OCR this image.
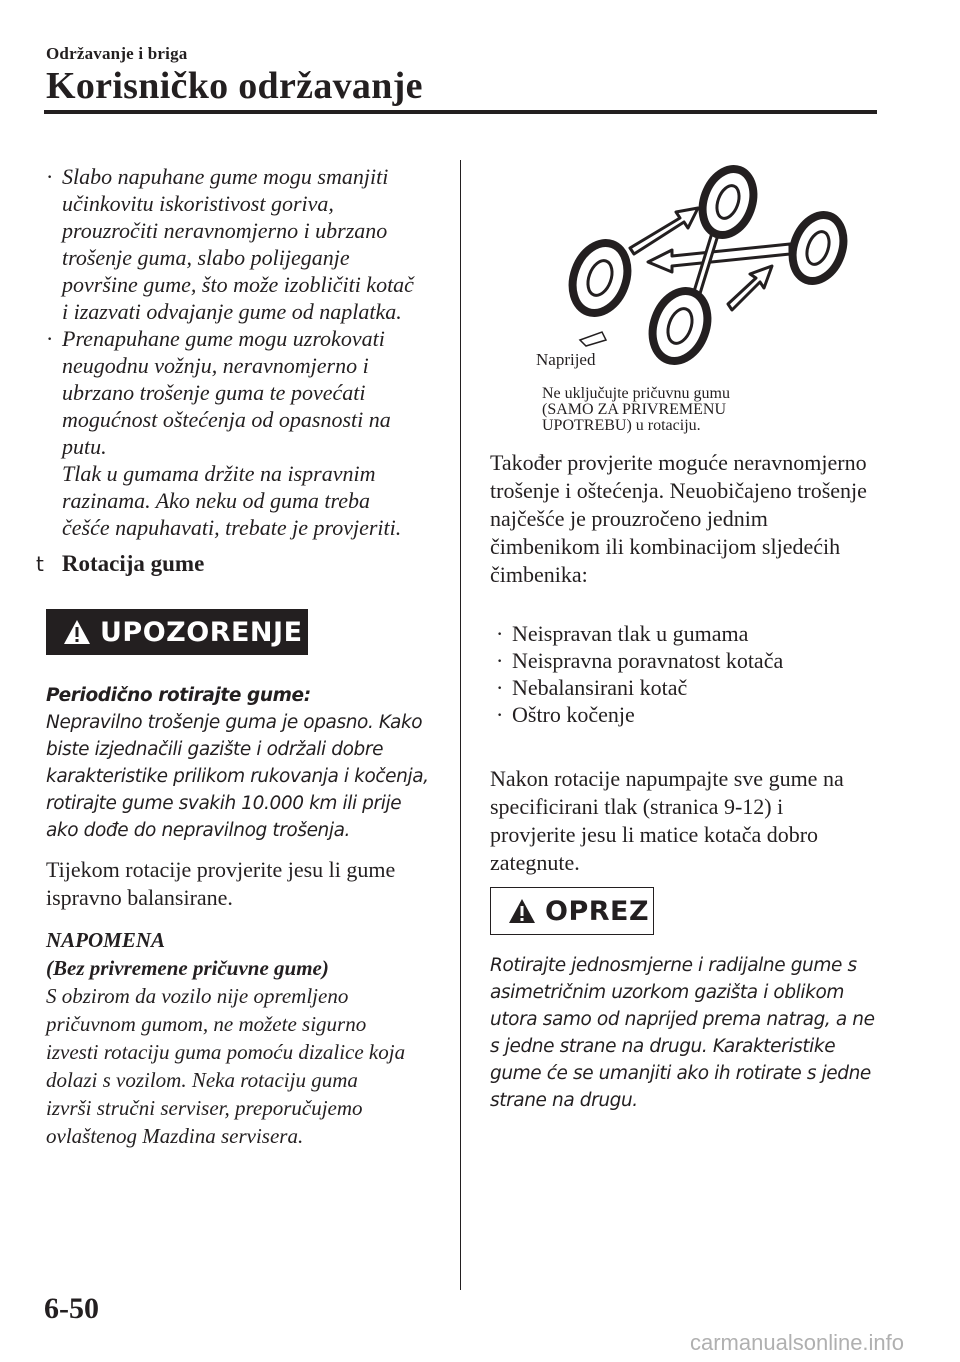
Održavanje i briga
Korisničko održavanje
· Slabo napuhane gume mogu smanjiti
učinkovitu iskoristivost goriva,
prouzročiti neravnomjerno i ubrzano
trošenje guma, slabo polijeganje
površine gume, što može izobličiti kotač
i izazvati odvajanje gume od naplatka.
· Prenapuhane gume mogu uzrokovati
neugodnu vožnju, neravnomjerno i
ubrzano trošenje guma te povećati
mogućnost oštećenja od opasnosti na
putu.
Tlak u gumama držite na ispravnim
razinama. Ako neku od guma treba
češće napuhavati, trebate je provjeriti.
t Rotacija gume
UPOZORENJE
Periodično rotirajte gume:
Nepravilno trošenje guma je opasno. Kako
biste izjednačili gazište i održali dobre
karakteristike prilikom rukovanja i kočenja,
rotirajte gume svakih 10.000 km ili prije
ako dođe do nepravilnog trošenja.
Tijekom rotacije provjerite jesu li gume
ispravno balansirane.
NAPOMENA
(Bez privremene pričuvne gume)
S obzirom da vozilo nije opremljeno
pričuvnom gumom, ne možete sigurno
izvesti rotaciju guma pomoću dizalice koja
dolazi s vozilom. Neka rotaciju guma
izvrši stručni serviser, preporučujemo
ovlaštenog Mazdina servisera.
Naprijed
Ne uključujte pričuvnu gumu
(SAMO ZA PRIVREMENU
UPOTREBU) u rotaciju.
Također provjerite moguće neravnomjerno
trošenje i oštećenja. Neuobičajeno trošenje
najčešće je prouzročeno jednim
čimbenikom ili kombinacijom sljedećih
čimbenika:
· Neispravan tlak u gumama
· Neispravna poravnatost kotača
· Nebalansirani kotač
· Oštro kočenje
Nakon rotacije napumpajte sve gume na
specificirani tlak (stranica 9-12) i
provjerite jesu li matice kotača dobro
zategnute.
OPREZ
Rotirajte jednosmjerne i radijalne gume s
asimetričnim uzorkom gazišta i oblikom
utora samo od naprijed prema natrag, a ne
s jedne strane na drugu. Karakteristike
gume će se umanjiti ako ih rotirate s jedne
strane na drugu.
6-50
carmanualsonline.info
